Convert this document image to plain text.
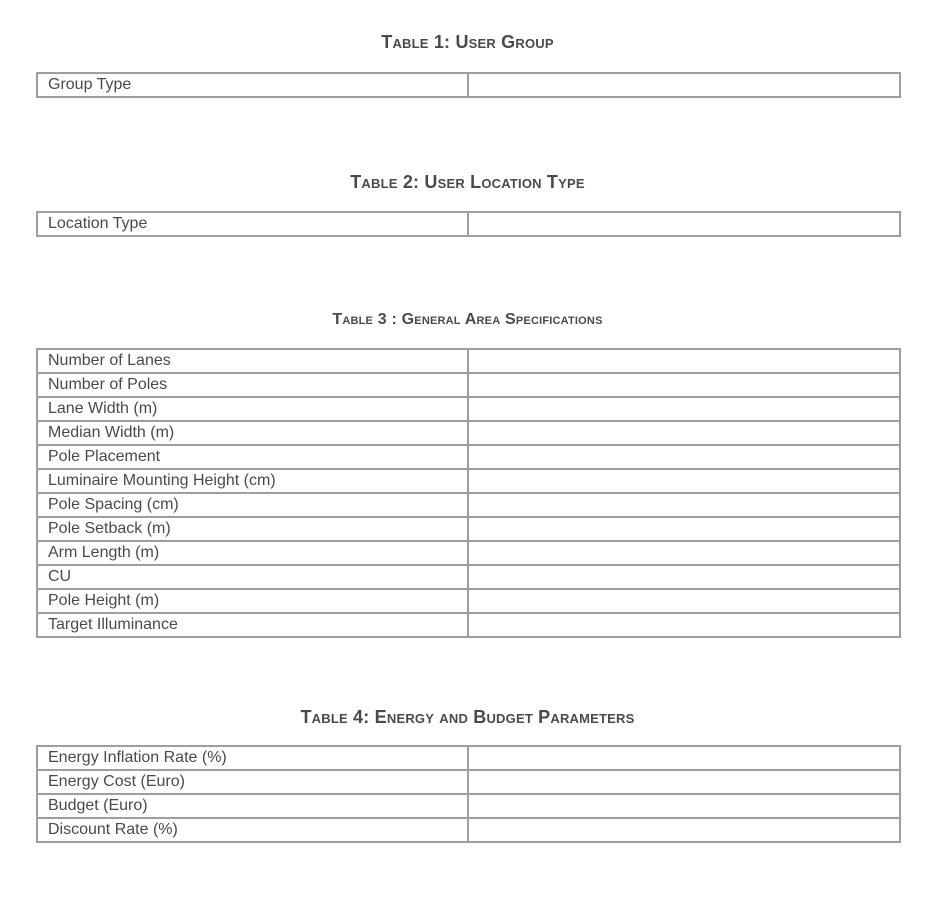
Table 1: User Group
Group Type	
Table 2: User Location Type
Location Type	
Table 3 : General Area Specifications
Number of Lanes	
Number of Poles	
Lane Width (m)	
Median Width (m)	
Pole Placement	
Luminaire Mounting Height (cm)	
Pole Spacing (cm)	
Pole Setback (m)	
Arm Length (m)	
CU	
Pole Height (m)	
Target Illuminance	
Table 4: Energy and Budget Parameters
Energy Inflation Rate (%)	
Energy Cost (Euro)	
Budget (Euro)	
Discount Rate (%)	
